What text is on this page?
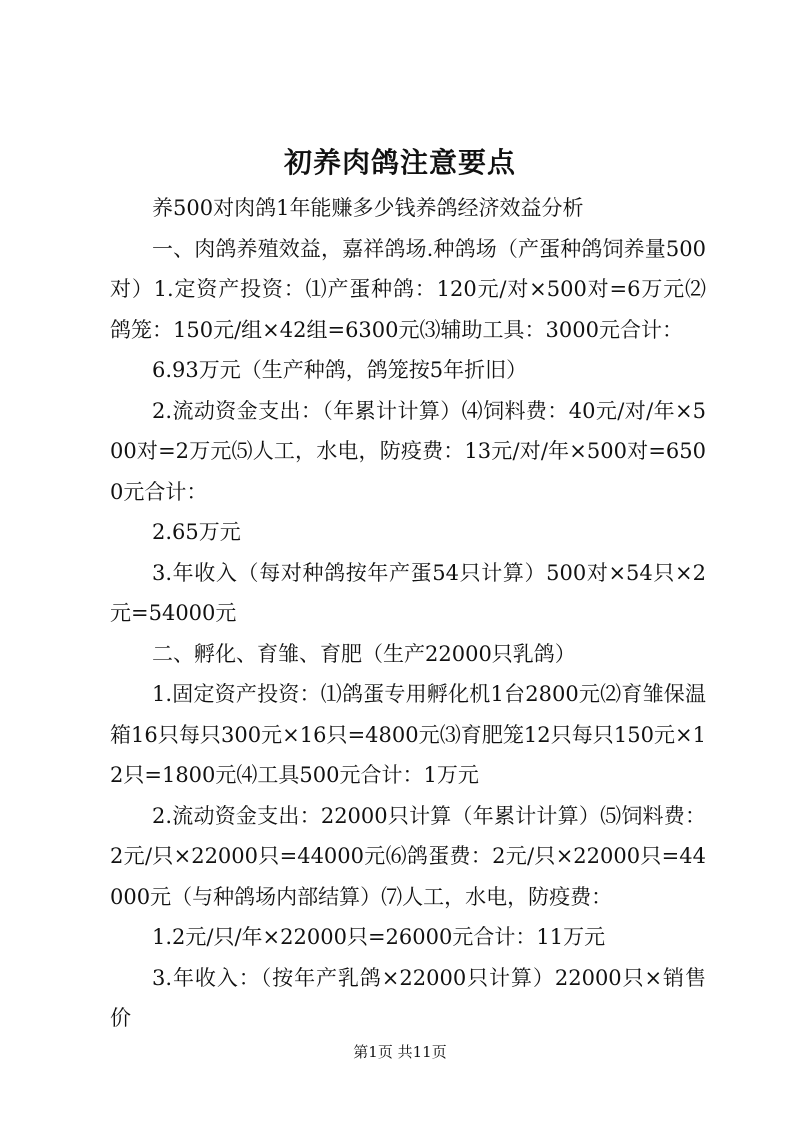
初养肉鸽注意要点

养500对肉鸽1年能赚多少钱养鸽经济效益分析

一、肉鸽养殖效益，嘉祥鸽场.种鸽场（产蛋种鸽饲养量500对）1.定资产投资：⑴产蛋种鸽：120元/对×500对=6万元⑵鸽笼：150元/组×42组=6300元⑶辅助工具：3000元合计：

6.93万元（生产种鸽，鸽笼按5年折旧）

2.流动资金支出：（年累计计算）⑷饲料费：40元/对/年×500对=2万元⑸人工，水电，防疫费：13元/对/年×500对=6500元合计：

2.65万元

3.年收入（每对种鸽按年产蛋54只计算）500对×54只×2元=54000元

二、孵化、育雏、育肥（生产22000只乳鸽）

1.固定资产投资：⑴鸽蛋专用孵化机1台2800元⑵育雏保温箱16只每只300元×16只=4800元⑶育肥笼12只每只150元×12只=1800元⑷工具500元合计：1万元

2.流动资金支出：22000只计算（年累计计算）⑸饲料费：2元/只×22000只=44000元⑹鸽蛋费：2元/只×22000只=44000元（与种鸽场内部结算）⑺人工，水电，防疫费：

1.2元/只/年×22000只=26000元合计：11万元

3.年收入：（按年产乳鸽×22000只计算）22000只×销售价

第1页 共11页
